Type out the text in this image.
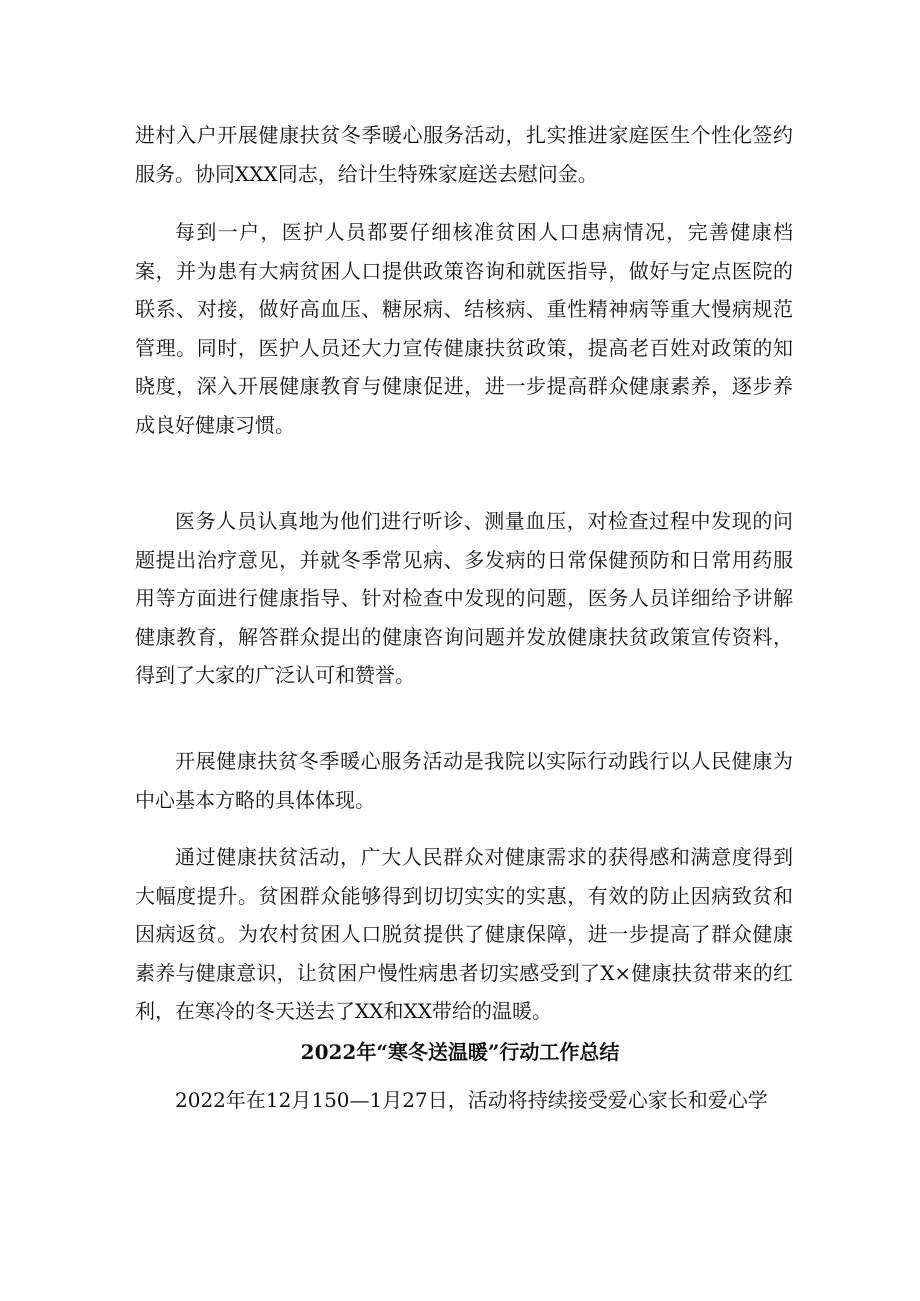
进村入户开展健康扶贫冬季暖心服务活动，扎实推进家庭医生个性化签约服务。协同XXX同志，给计生特殊家庭送去慰问金。

每到一户，医护人员都要仔细核准贫困人口患病情况，完善健康档案，并为患有大病贫困人口提供政策咨询和就医指导，做好与定点医院的联系、对接，做好高血压、糖尿病、结核病、重性精神病等重大慢病规范管理。同时，医护人员还大力宣传健康扶贫政策，提高老百姓对政策的知晓度，深入开展健康教育与健康促进，进一步提高群众健康素养，逐步养成良好健康习惯。

医务人员认真地为他们进行听诊、测量血压，对检查过程中发现的问题提出治疗意见，并就冬季常见病、多发病的日常保健预防和日常用药服用等方面进行健康指导、针对检查中发现的问题，医务人员详细给予讲解健康教育，解答群众提出的健康咨询问题并发放健康扶贫政策宣传资料，得到了大家的广泛认可和赞誉。

开展健康扶贫冬季暖心服务活动是我院以实际行动践行以人民健康为中心基本方略的具体体现。

通过健康扶贫活动，广大人民群众对健康需求的获得感和满意度得到大幅度提升。贫困群众能够得到切切实实的实惠，有效的防止因病致贫和因病返贫。为农村贫困人口脱贫提供了健康保障，进一步提高了群众健康素养与健康意识，让贫困户慢性病患者切实感受到了X×健康扶贫带来的红利，在寒冷的冬天送去了XX和XX带给的温暖。

2022年“寒冬送温暖”行动工作总结

2022年在12月150—1月27日，活动将持续接受爱心家长和爱心学
